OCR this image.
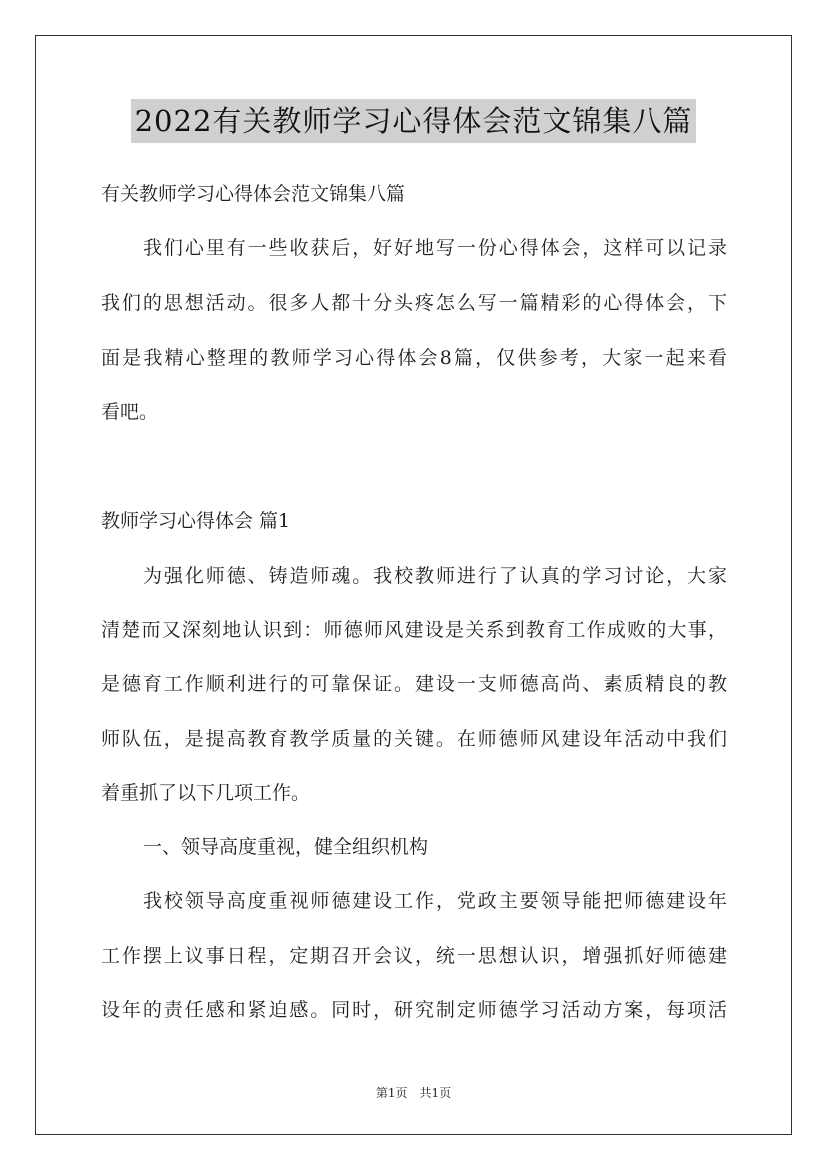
2022有关教师学习心得体会范文锦集八篇
有关教师学习心得体会范文锦集八篇
我们心里有一些收获后，好好地写一份心得体会，这样可以记录
我们的思想活动。很多人都十分头疼怎么写一篇精彩的心得体会，下
面是我精心整理的教师学习心得体会8篇，仅供参考，大家一起来看
看吧。
教师学习心得体会 篇1
为强化师德、铸造师魂。我校教师进行了认真的学习讨论，大家
清楚而又深刻地认识到：师德师风建设是关系到教育工作成败的大事，
是德育工作顺利进行的可靠保证。建设一支师德高尚、素质精良的教
师队伍，是提高教育教学质量的关键。在师德师风建设年活动中我们
着重抓了以下几项工作。
一、领导高度重视，健全组织机构
我校领导高度重视师德建设工作，党政主要领导能把师德建设年
工作摆上议事日程，定期召开会议，统一思想认识，增强抓好师德建
设年的责任感和紧迫感。同时，研究制定师德学习活动方案，每项活
第1页 共1页
